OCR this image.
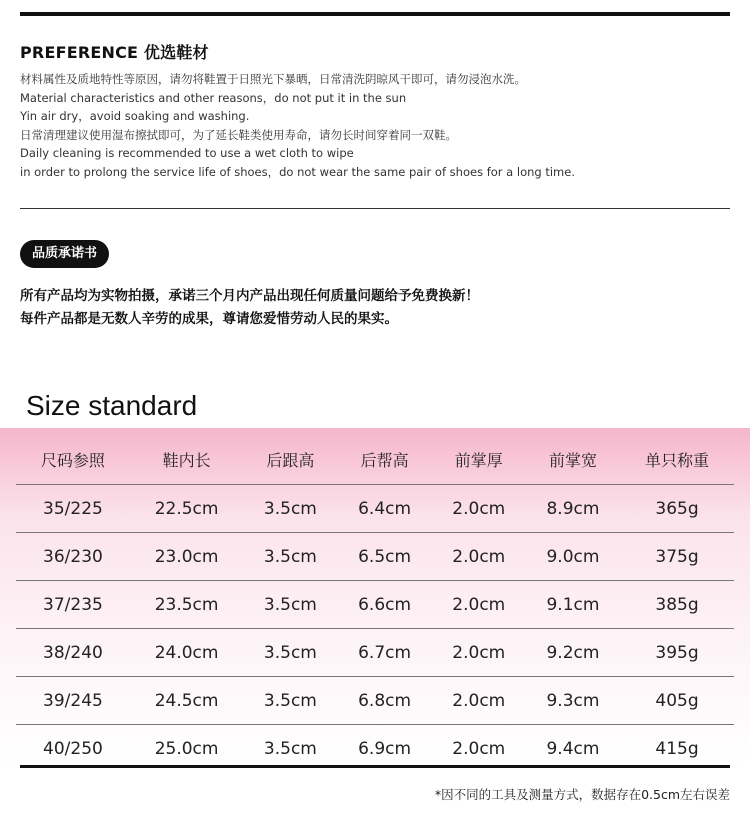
PREFERENCE 优选鞋材
材料属性及质地特性等原因，请勿将鞋置于日照光下暴晒，日常清洗阴晾风干即可，请勿浸泡水洗。
Material characteristics and other reasons，do not put it in the sun
Yin air dry，avoid soaking and washing.
日常清理建议使用湿布擦拭即可，为了延长鞋类使用寿命，请勿长时间穿着同一双鞋。
Daily cleaning is recommended to use a wet cloth to wipe
in order to prolong the service life of shoes，do not wear the same pair of shoes for a long time.
品质承诺书
所有产品均为实物拍摄，承诺三个月内产品出现任何质量问题给予免费换新！
每件产品都是无数人辛劳的成果，尊请您爱惜劳动人民的果实。
Size standard
尺码参照	鞋内长	后跟高	后帮高	前掌厚	前掌宽	单只称重
35/225	22.5cm	3.5cm	6.4cm	2.0cm	8.9cm	365g
36/230	23.0cm	3.5cm	6.5cm	2.0cm	9.0cm	375g
37/235	23.5cm	3.5cm	6.6cm	2.0cm	9.1cm	385g
38/240	24.0cm	3.5cm	6.7cm	2.0cm	9.2cm	395g
39/245	24.5cm	3.5cm	6.8cm	2.0cm	9.3cm	405g
40/250	25.0cm	3.5cm	6.9cm	2.0cm	9.4cm	415g
*因不同的工具及测量方式，数据存在0.5cm左右误差
